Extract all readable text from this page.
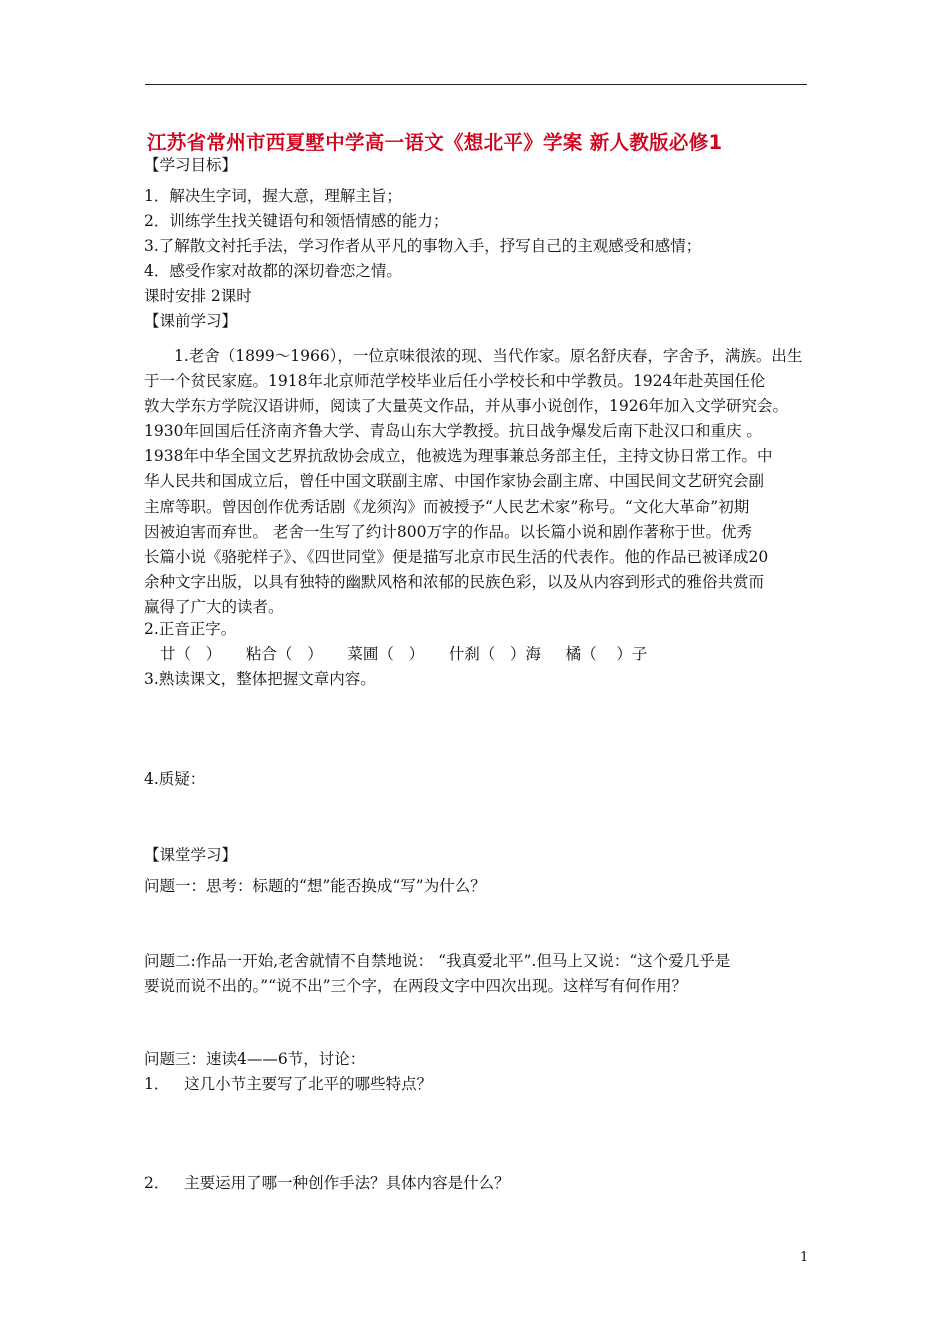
江苏省常州市西夏墅中学高一语文《想北平》学案 新人教版必修1
【学习目标】
1．解决生字词，握大意，理解主旨；
2．训练学生找关键语句和领悟情感的能力；
3.了解散文衬托手法，学习作者从平凡的事物入手，抒写自己的主观感受和感情；
4．感受作家对故都的深切眷恋之情。
课时安排 2课时
【课前学习】
1.老舍（1899～1966），一位京味很浓的现、当代作家。原名舒庆春，字舍予，满族。出生
于一个贫民家庭。1918年北京师范学校毕业后任小学校长和中学教员。1924年赴英国任伦
敦大学东方学院汉语讲师，阅读了大量英文作品，并从事小说创作，1926年加入文学研究会。
1930年回国后任济南齐鲁大学、青岛山东大学教授。抗日战争爆发后南下赴汉口和重庆 。
1938年中华全国文艺界抗敌协会成立，他被选为理事兼总务部主任，主持文协日常工作。中
华人民共和国成立后，曾任中国文联副主席、中国作家协会副主席、中国民间文艺研究会副
主席等职。曾因创作优秀话剧《龙须沟》而被授予“人民艺术家”称号。“文化大革命”初期
因被迫害而弃世。 老舍一生写了约计800万字的作品。以长篇小说和剧作著称于世。优秀
长篇小说《骆驼样子》、《四世同堂》便是描写北京市民生活的代表作。他的作品已被译成20
余种文字出版，以具有独特的幽默风格和浓郁的民族色彩，以及从内容到形式的雅俗共赏而
赢得了广大的读者。
2.正音正字。
廿（   ）     粘合（   ）     菜圃（   ）     什刹（   ）海     橘（    ）子
3.熟读课文，整体把握文章内容。
4.质疑：
【课堂学习】
问题一：思考：标题的“想”能否换成“写”为什么？
问题二:作品一开始,老舍就情不自禁地说： “我真爱北平”.但马上又说：“这个爱几乎是
要说而说不出的。”“说不出”三个字，在两段文字中四次出现。这样写有何作用？
问题三：速读4——6节，讨论：
1．   这几小节主要写了北平的哪些特点？
2．   主要运用了哪一种创作手法？具体内容是什么？
1
